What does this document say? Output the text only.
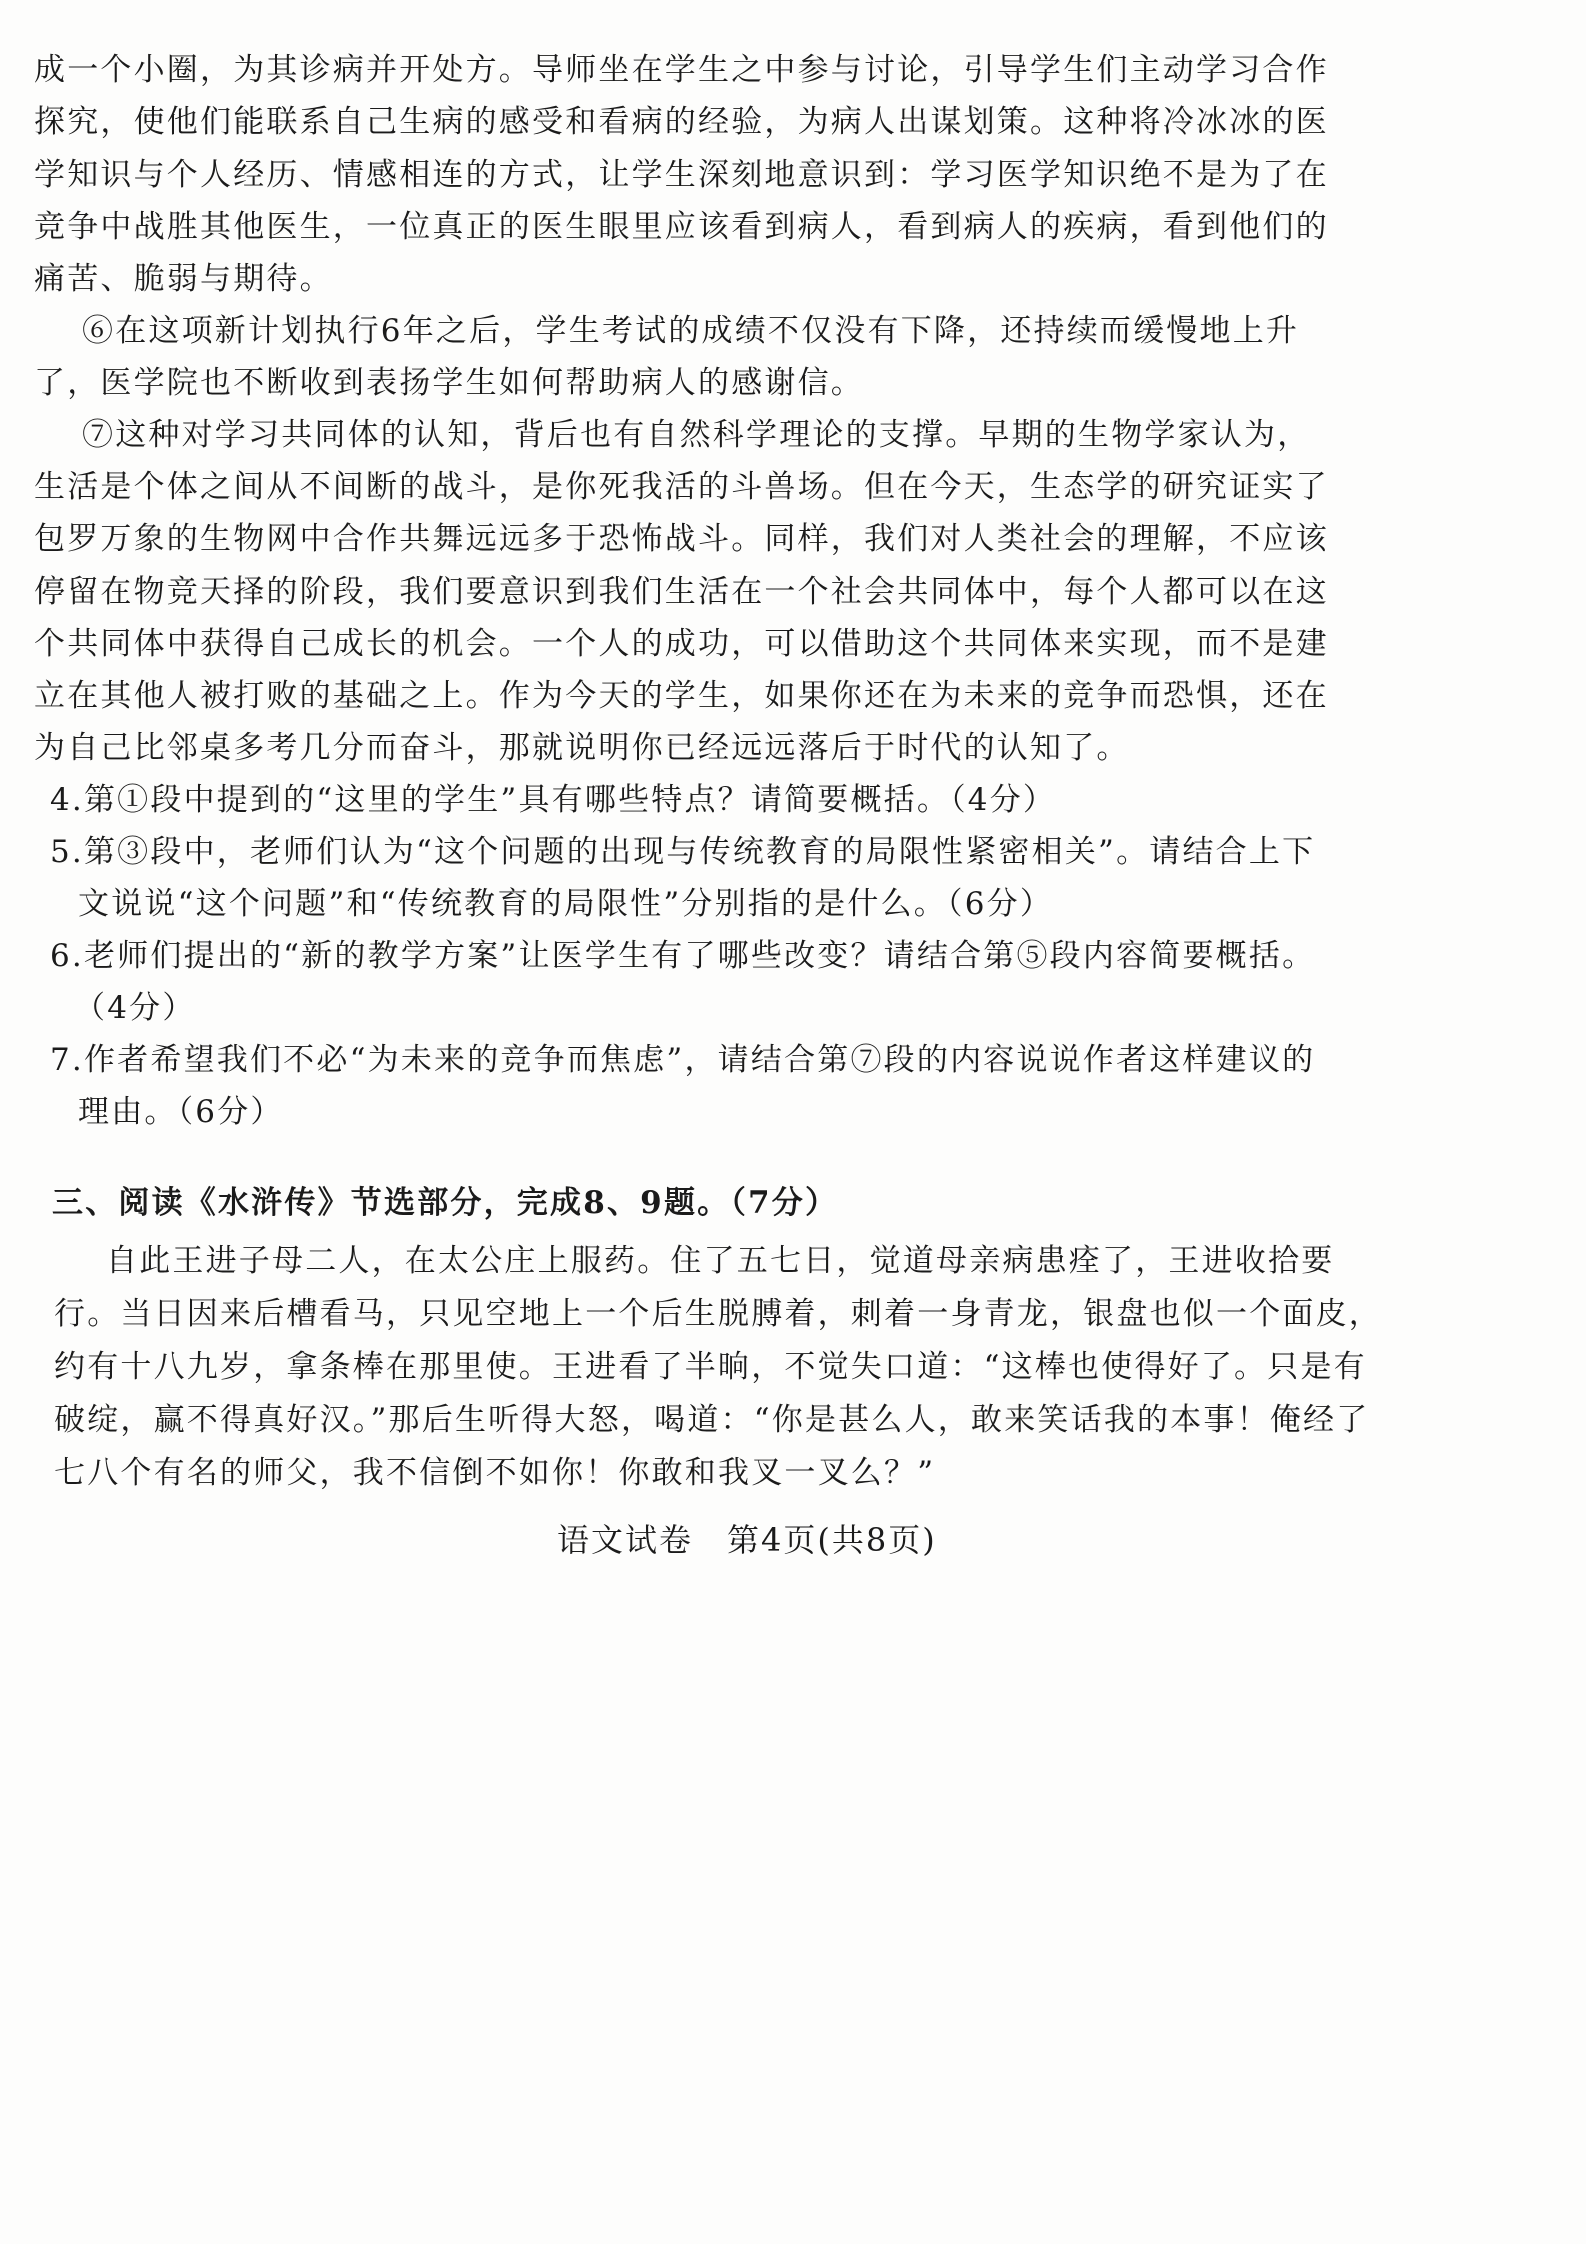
成一个小圈，为其诊病并开处方。导师坐在学生之中参与讨论，引导学生们主动学习合作
探究，使他们能联系自己生病的感受和看病的经验，为病人出谋划策。这种将冷冰冰的医
学知识与个人经历、情感相连的方式，让学生深刻地意识到：学习医学知识绝不是为了在
竞争中战胜其他医生，一位真正的医生眼里应该看到病人，看到病人的疾病，看到他们的
痛苦、脆弱与期待。
⑥在这项新计划执行6年之后，学生考试的成绩不仅没有下降，还持续而缓慢地上升
了，医学院也不断收到表扬学生如何帮助病人的感谢信。
⑦这种对学习共同体的认知，背后也有自然科学理论的支撑。早期的生物学家认为，
生活是个体之间从不间断的战斗，是你死我活的斗兽场。但在今天，生态学的研究证实了
包罗万象的生物网中合作共舞远远多于恐怖战斗。同样，我们对人类社会的理解，不应该
停留在物竞天择的阶段，我们要意识到我们生活在一个社会共同体中，每个人都可以在这
个共同体中获得自己成长的机会。一个人的成功，可以借助这个共同体来实现，而不是建
立在其他人被打败的基础之上。作为今天的学生，如果你还在为未来的竞争而恐惧，还在
为自己比邻桌多考几分而奋斗，那就说明你已经远远落后于时代的认知了。
4.第①段中提到的“这里的学生”具有哪些特点？请简要概括。（4分）
5.第③段中，老师们认为“这个问题的出现与传统教育的局限性紧密相关”。请结合上下
文说说“这个问题”和“传统教育的局限性”分别指的是什么。（6分）
6.老师们提出的“新的教学方案”让医学生有了哪些改变？请结合第⑤段内容简要概括。
（4分）
7.作者希望我们不必“为未来的竞争而焦虑”，请结合第⑦段的内容说说作者这样建议的
理由。（6分）
三、阅读《水浒传》节选部分，完成8、9题。（7分）
自此王进子母二人，在太公庄上服药。住了五七日，觉道母亲病患痊了，王进收拾要
行。当日因来后槽看马，只见空地上一个后生脱膊着，刺着一身青龙，银盘也似一个面皮，
约有十八九岁，拿条棒在那里使。王进看了半晌，不觉失口道：“这棒也使得好了。只是有
破绽，赢不得真好汉。”那后生听得大怒，喝道：“你是甚么人，敢来笑话我的本事！俺经了
七八个有名的师父，我不信倒不如你！你敢和我叉一叉么？”
语文试卷　第4页(共8页)
